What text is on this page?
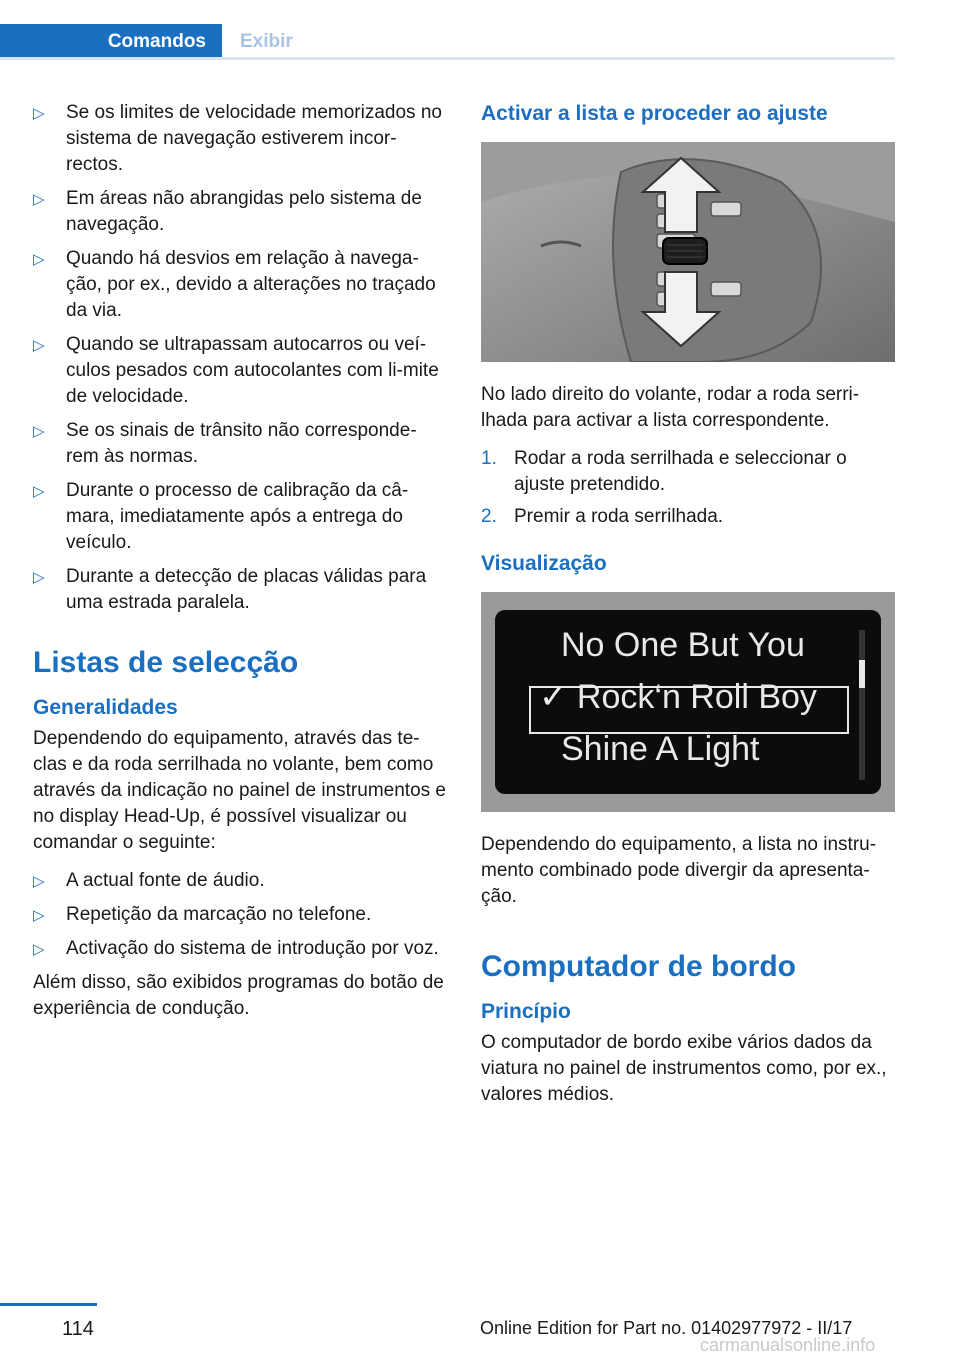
Comandos	Exibir
▷ Se os limites de velocidade memorizados no sistema de navegação estiverem incor‐rectos.
▷ Em áreas não abrangidas pelo sistema de navegação.
▷ Quando há desvios em relação à navega‐ção, por ex., devido a alterações no traçado da via.
▷ Quando se ultrapassam autocarros ou veí‐culos pesados com autocolantes com li‐mite de velocidade.
▷ Se os sinais de trânsito não corresponde‐rem às normas.
▷ Durante o processo de calibração da câ‐mara, imediatamente após a entrega do veículo.
▷ Durante a detecção de placas válidas para uma estrada paralela.
Listas de selecção
Generalidades

Dependendo do equipamento, através das te‐clas e da roda serrilhada no volante, bem como através da indicação no painel de instrumentos e no display Head-Up, é possível visualizar ou comandar o seguinte:

▷ A actual fonte de áudio.
▷ Repetição da marcação no telefone.
▷ Activação do sistema de introdução por voz.

Além disso, são exibidos programas do botão de experiência de condução.

Activar a lista e proceder ao ajuste

No lado direito do volante, rodar a roda serri‐lhada para activar a lista correspondente.

1. Rodar a roda serrilhada e seleccionar o ajuste pretendido.
2. Premir a roda serrilhada.
Visualização
No One But You
✓ Rock‘n Roll Boy
Shine A Light

Dependendo do equipamento, a lista no instru‐mento combinado pode divergir da apresenta‐ção.

Computador de bordo
Princípio

O computador de bordo exibe vários dados da viatura no painel de instrumentos como, por ex., valores médios.

114	Online Edition for Part no. 01402977972 - II/17
carmanualsonline.info
